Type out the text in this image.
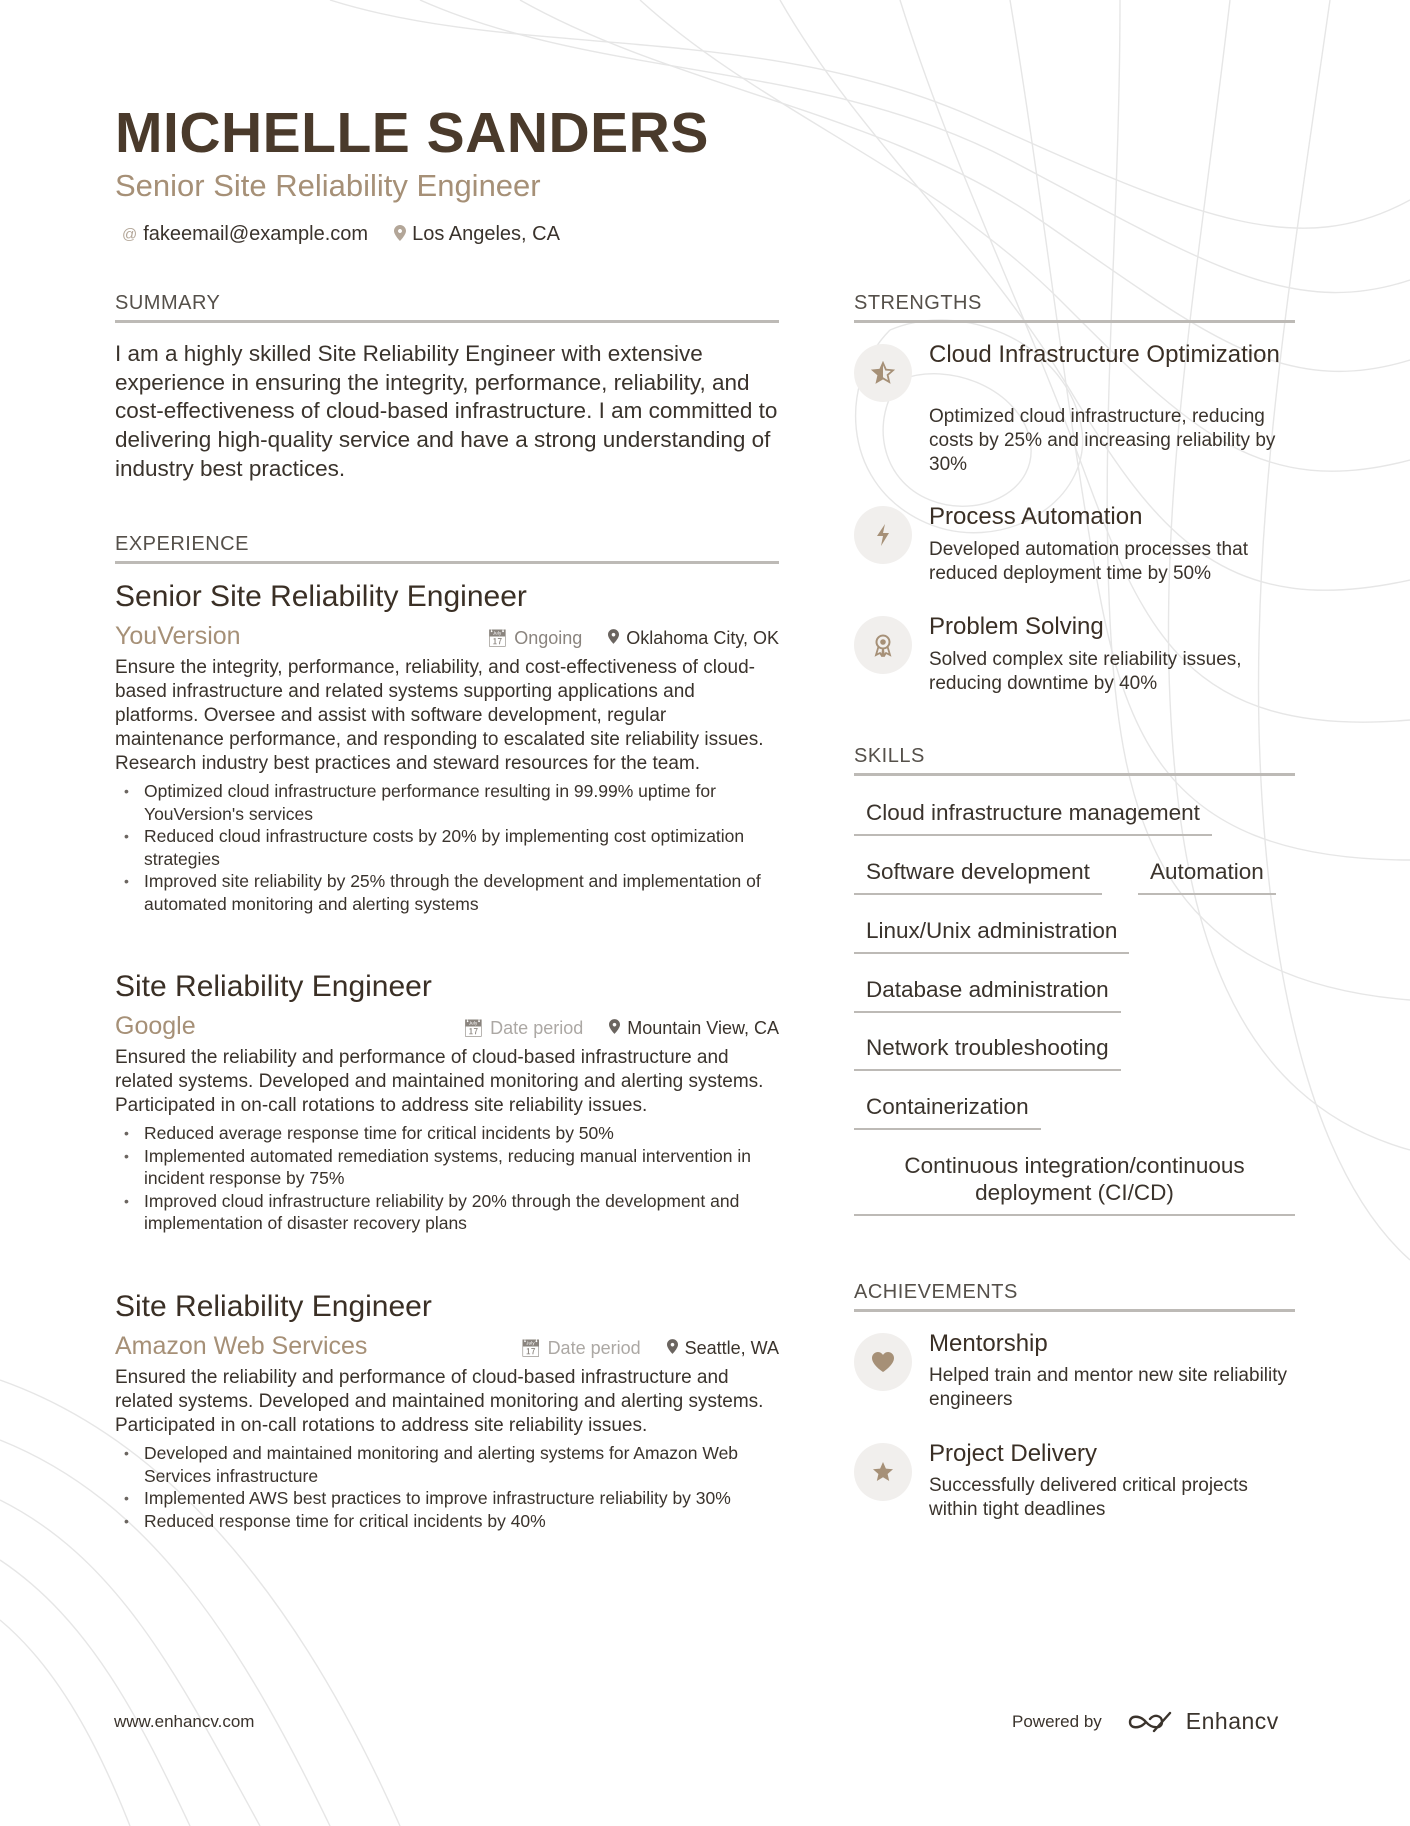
MICHELLE SANDERS
Senior Site Reliability Engineer
@ fakeemail@example.com Los Angeles, CA
SUMMARY
I am a highly skilled Site Reliability Engineer with extensive experience in ensuring the integrity, performance, reliability, and cost-effectiveness of cloud-based infrastructure. I am committed to delivering high-quality service and have a strong understanding of industry best practices.
EXPERIENCE
Senior Site Reliability Engineer
YouVersion	📅︎ Ongoing Oklahoma City, OK
Ensure the integrity, performance, reliability, and cost-effectiveness of cloud-based infrastructure and related systems supporting applications and platforms. Oversee and assist with software development, regular maintenance performance, and responding to escalated site reliability issues. Research industry best practices and steward resources for the team.
• Optimized cloud infrastructure performance resulting in 99.99% uptime for YouVersion's services
• Reduced cloud infrastructure costs by 20% by implementing cost optimization strategies
• Improved site reliability by 25% through the development and implementation of automated monitoring and alerting systems
Site Reliability Engineer
Google	📅︎ Date period Mountain View, CA
Ensured the reliability and performance of cloud-based infrastructure and related systems. Developed and maintained monitoring and alerting systems. Participated in on-call rotations to address site reliability issues.
• Reduced average response time for critical incidents by 50%
• Implemented automated remediation systems, reducing manual intervention in incident response by 75%
• Improved cloud infrastructure reliability by 20% through the development and implementation of disaster recovery plans
Site Reliability Engineer
Amazon Web Services	📅︎ Date period Seattle, WA
Ensured the reliability and performance of cloud-based infrastructure and related systems. Developed and maintained monitoring and alerting systems. Participated in on-call rotations to address site reliability issues.
• Developed and maintained monitoring and alerting systems for Amazon Web Services infrastructure
• Implemented AWS best practices to improve infrastructure reliability by 30%
• Reduced response time for critical incidents by 40%
STRENGTHS
Cloud Infrastructure Optimization
Optimized cloud infrastructure, reducing costs by 25% and increasing reliability by 30%
Process Automation
Developed automation processes that reduced deployment time by 50%
Problem Solving
Solved complex site reliability issues, reducing downtime by 40%
SKILLS
Cloud infrastructure management
Software development	Automation
Linux/Unix administration
Database administration
Network troubleshooting
Containerization
Continuous integration/continuous deployment (CI/CD)
ACHIEVEMENTS
Mentorship
Helped train and mentor new site reliability engineers
Project Delivery
Successfully delivered critical projects within tight deadlines
www.enhancv.com	Powered by	Enhancv
